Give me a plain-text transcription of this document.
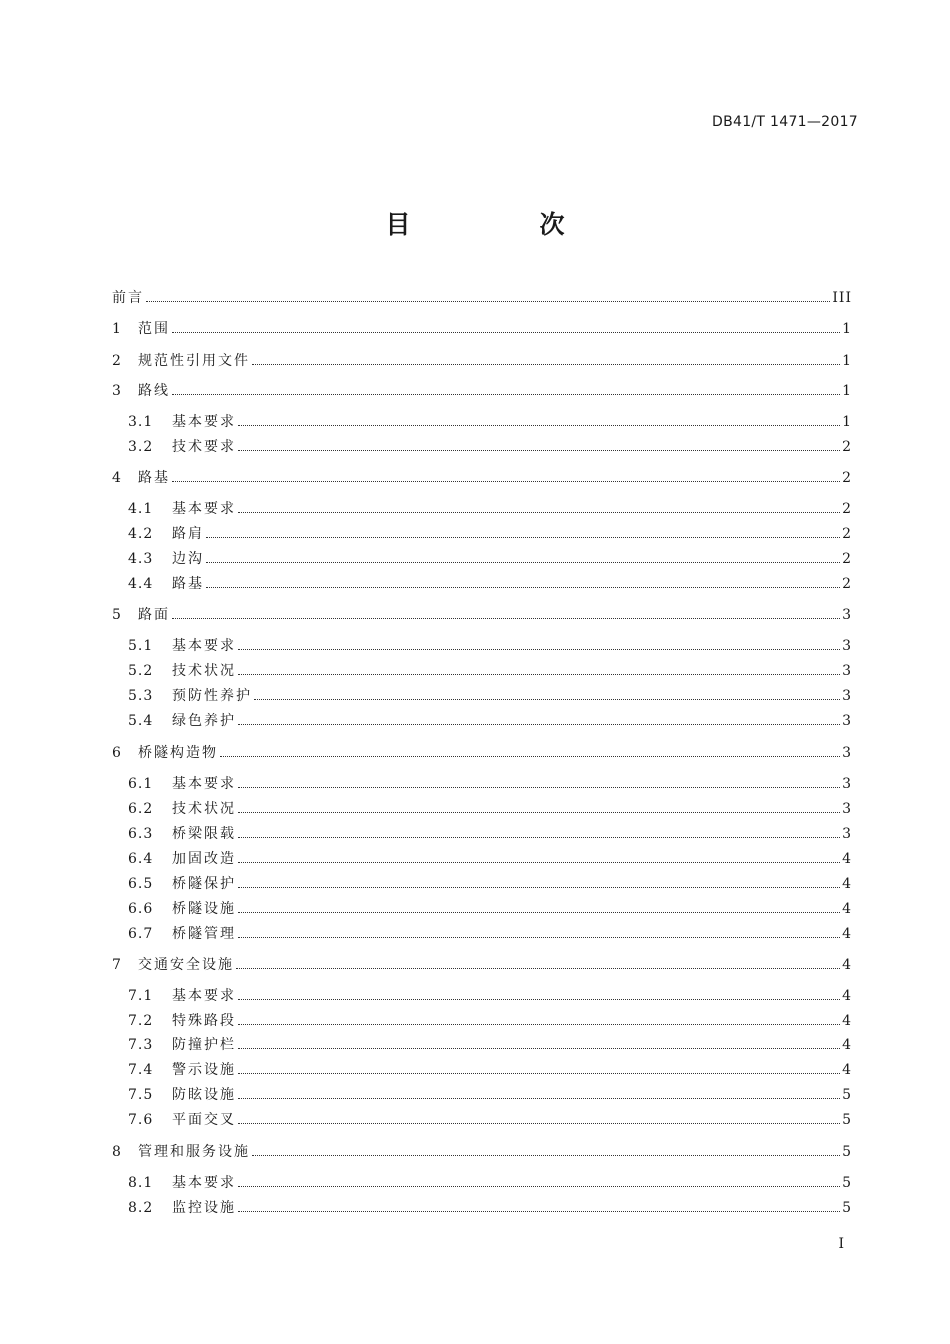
DB41/T 1471—2017
目　次
前言	III
1	范围	1
2	规范性引用文件	1
3	路线	1
3.1	基本要求	1
3.2	技术要求	2
4	路基	2
4.1	基本要求	2
4.2	路肩	2
4.3	边沟	2
4.4	路基	2
5	路面	3
5.1	基本要求	3
5.2	技术状况	3
5.3	预防性养护	3
5.4	绿色养护	3
6	桥隧构造物	3
6.1	基本要求	3
6.2	技术状况	3
6.3	桥梁限载	3
6.4	加固改造	4
6.5	桥隧保护	4
6.6	桥隧设施	4
6.7	桥隧管理	4
7	交通安全设施	4
7.1	基本要求	4
7.2	特殊路段	4
7.3	防撞护栏	4
7.4	警示设施	4
7.5	防眩设施	5
7.6	平面交叉	5
8	管理和服务设施	5
8.1	基本要求	5
8.2	监控设施	5
I
